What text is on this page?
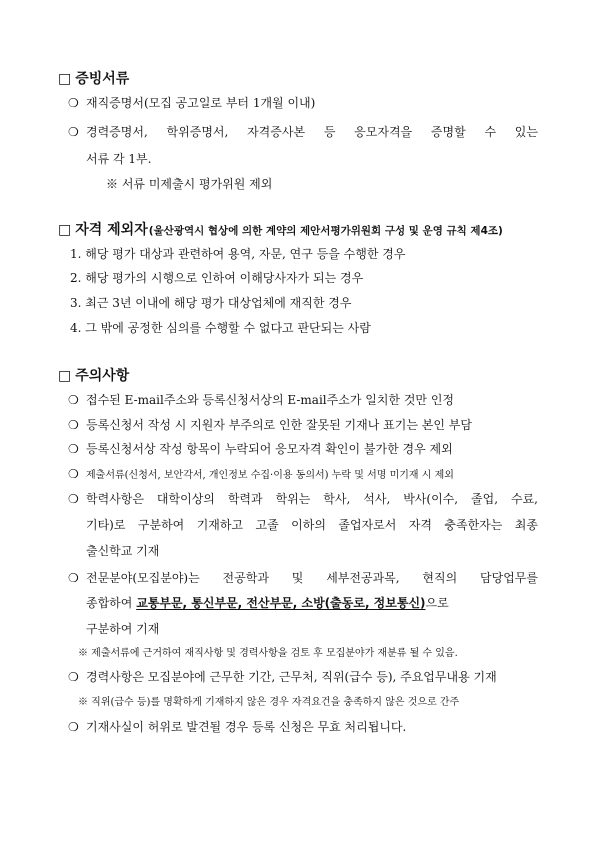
□ 증빙서류
❍ 재직증명서(모집 공고일로 부터 1개월 이내)
❍ 경력증명서, 학위증명서, 자격증사본 등 응모자격을 증명할 수 있는
서류 각 1부.
※ 서류 미제출시 평가위원 제외
□ 자격 제외자 (울산광역시 협상에 의한 계약의 제안서평가위원회 구성 및 운영 규칙 제4조)
1. 해당 평가 대상과 관련하여 용역, 자문, 연구 등을 수행한 경우
2. 해당 평가의 시행으로 인하여 이해당사자가 되는 경우
3. 최근 3년 이내에 해당 평가 대상업체에 재직한 경우
4. 그 밖에 공정한 심의를 수행할 수 없다고 판단되는 사람
□ 주의사항
❍ 접수된 E-mail주소와 등록신청서상의 E-mail주소가 일치한 것만 인정
❍ 등록신청서 작성 시 지원자 부주의로 인한 잘못된 기재나 표기는 본인 부담
❍ 등록신청서상 작성 항목이 누락되어 응모자격 확인이 불가한 경우 제외
❍ 제출서류(신청서, 보안각서, 개인정보 수집·이용 동의서) 누락 및 서명 미기재 시 제외
❍ 학력사항은 대학이상의 학력과 학위는 학사, 석사, 박사(이수, 졸업, 수료,
기타)로 구분하여 기재하고 고졸 이하의 졸업자로서 자격 충족한자는 최종
출신학교 기재
❍ 전문분야(모집분야)는 전공학과 및 세부전공과목, 현직의 담당업무를
종합하여 교통부문, 통신부문, 전산부문, 소방(출동로, 정보통신)으로
구분하여 기재
※ 제출서류에 근거하여 재직사항 및 경력사항을 검토 후 모집분야가 재분류 될 수 있음.
❍ 경력사항은 모집분야에 근무한 기간, 근무처, 직위(급수 등), 주요업무내용 기재
※ 직위(급수 등)를 명확하게 기재하지 않은 경우 자격요건을 충족하지 않은 것으로 간주
❍ 기재사실이 허위로 발견될 경우 등록 신청은 무효 처리됩니다.
